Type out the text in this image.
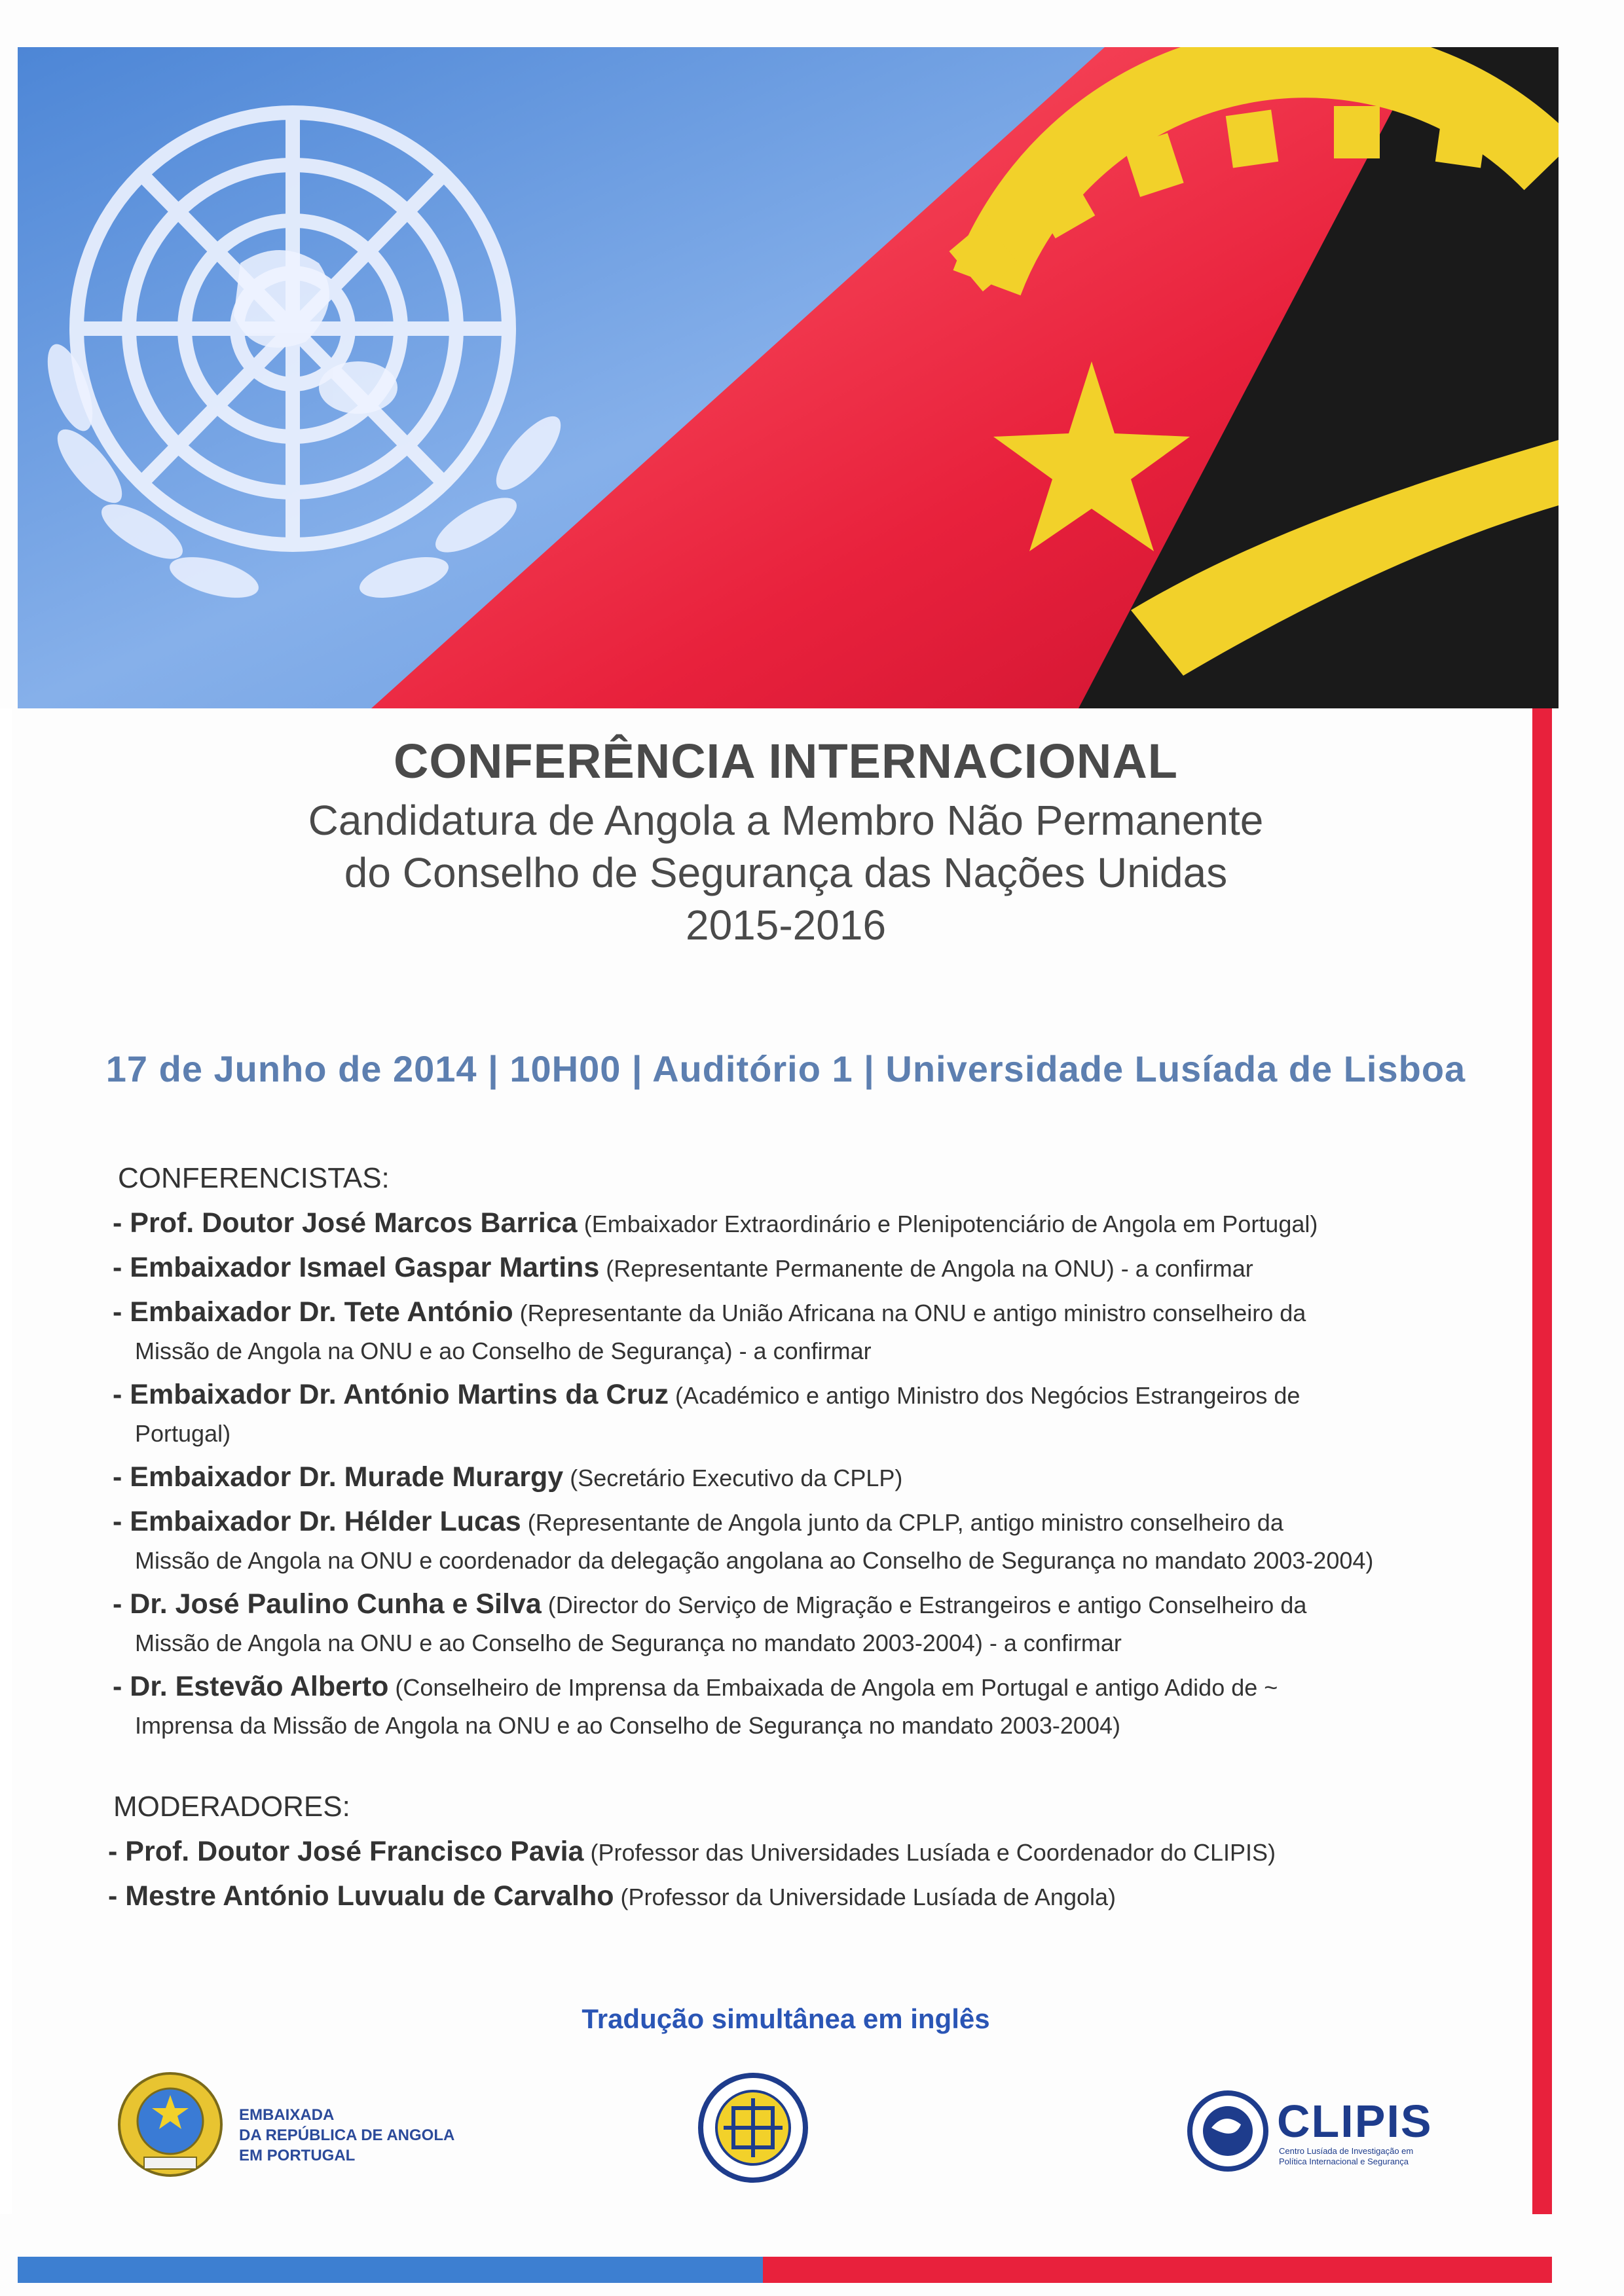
CONFERÊNCIA INTERNACIONAL

Candidatura de Angola a Membro Não Permanente
do Conselho de Segurança das Nações Unidas
2015-2016

17 de Junho de 2014 | 10H00 | Auditório 1 | Universidade Lusíada de Lisboa

CONFERENCISTAS:

- Prof. Doutor José Marcos Barrica (Embaixador Extraordinário e Plenipotenciário de Angola em Portugal)
- Embaixador Ismael Gaspar Martins (Representante Permanente de Angola na ONU) - a confirmar
- Embaixador Dr. Tete António (Representante da União Africana na ONU e antigo ministro conselheiro da
Missão de Angola na ONU e ao Conselho de Segurança) - a confirmar
- Embaixador Dr. António Martins da Cruz (Académico e antigo Ministro dos Negócios Estrangeiros de
Portugal)
- Embaixador Dr. Murade Murargy (Secretário Executivo da CPLP)
- Embaixador Dr. Hélder Lucas (Representante de Angola junto da CPLP, antigo ministro conselheiro da
Missão de Angola na ONU e coordenador da delegação angolana ao Conselho de Segurança no mandato 2003-2004)
- Dr. José Paulino Cunha e Silva (Director do Serviço de Migração e Estrangeiros e antigo Conselheiro da
Missão de Angola na ONU e ao Conselho de Segurança no mandato 2003-2004) - a confirmar
- Dr. Estevão Alberto (Conselheiro de Imprensa da Embaixada de Angola em Portugal e antigo Adido de ~
Imprensa da Missão de Angola na ONU e ao Conselho de Segurança no mandato 2003-2004)

MODERADORES:

- Prof. Doutor José Francisco Pavia (Professor das Universidades Lusíada e Coordenador do CLIPIS)
- Mestre António Luvualu de Carvalho (Professor da Universidade Lusíada de Angola)
Tradução simultânea em inglês
EMBAIXADA
DA REPÚBLICA DE ANGOLA
EM PORTUGAL
CLIPIS
Centro Lusíada de Investigação em
Política Internacional e Segurança
